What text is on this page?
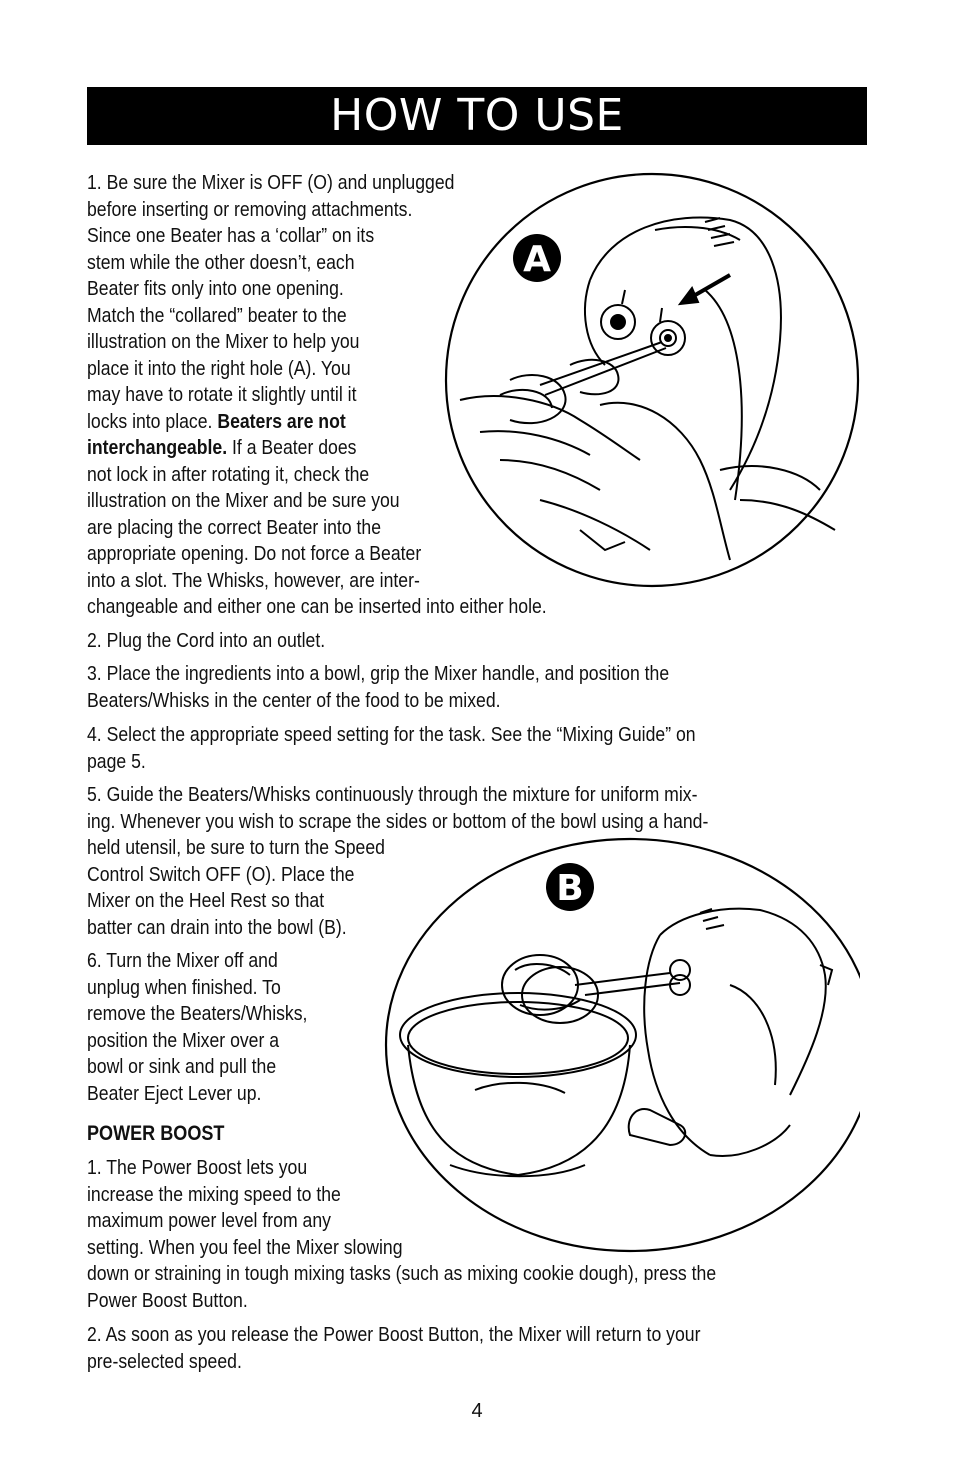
HOW TO USE
1. Be sure the Mixer is OFF (O) and unplugged
before inserting or removing attachments.
Since one Beater has a ‘collar” on its
stem while the other doesn’t, each
Beater fits only into one opening.
Match the “collared” beater to the
illustration on the Mixer to help you
place it into the right hole (A). You
may have to rotate it slightly until it
locks into place. Beaters are not
interchangeable. If a Beater does
not lock in after rotating it, check the
illustration on the Mixer and be sure you
are placing the correct Beater into the
appropriate opening. Do not force a Beater
into a slot. The Whisks, however, are inter-
changeable and either one can be inserted into either hole.
2. Plug the Cord into an outlet.
3. Place the ingredients into a bowl, grip the Mixer handle, and position the
Beaters/Whisks in the center of the food to be mixed.
4. Select the appropriate speed setting for the task. See the “Mixing Guide” on
page 5.
5. Guide the Beaters/Whisks continuously through the mixture for uniform mix-
ing. Whenever you wish to scrape the sides or bottom of the bowl using a hand-
held utensil, be sure to turn the Speed
Control Switch OFF (O). Place the
Mixer on the Heel Rest so that
batter can drain into the bowl (B).
6. Turn the Mixer off and
unplug when finished. To
remove the Beaters/Whisks,
position the Mixer over a
bowl or sink and pull the
Beater Eject Lever up.
POWER BOOST
1. The Power Boost lets you
increase the mixing speed to the
maximum power level from any
setting. When you feel the Mixer slowing
down or straining in tough mixing tasks (such as mixing cookie dough), press the
Power Boost Button.
2. As soon as you release the Power Boost Button, the Mixer will return to your
pre-selected speed.
A
B
4
